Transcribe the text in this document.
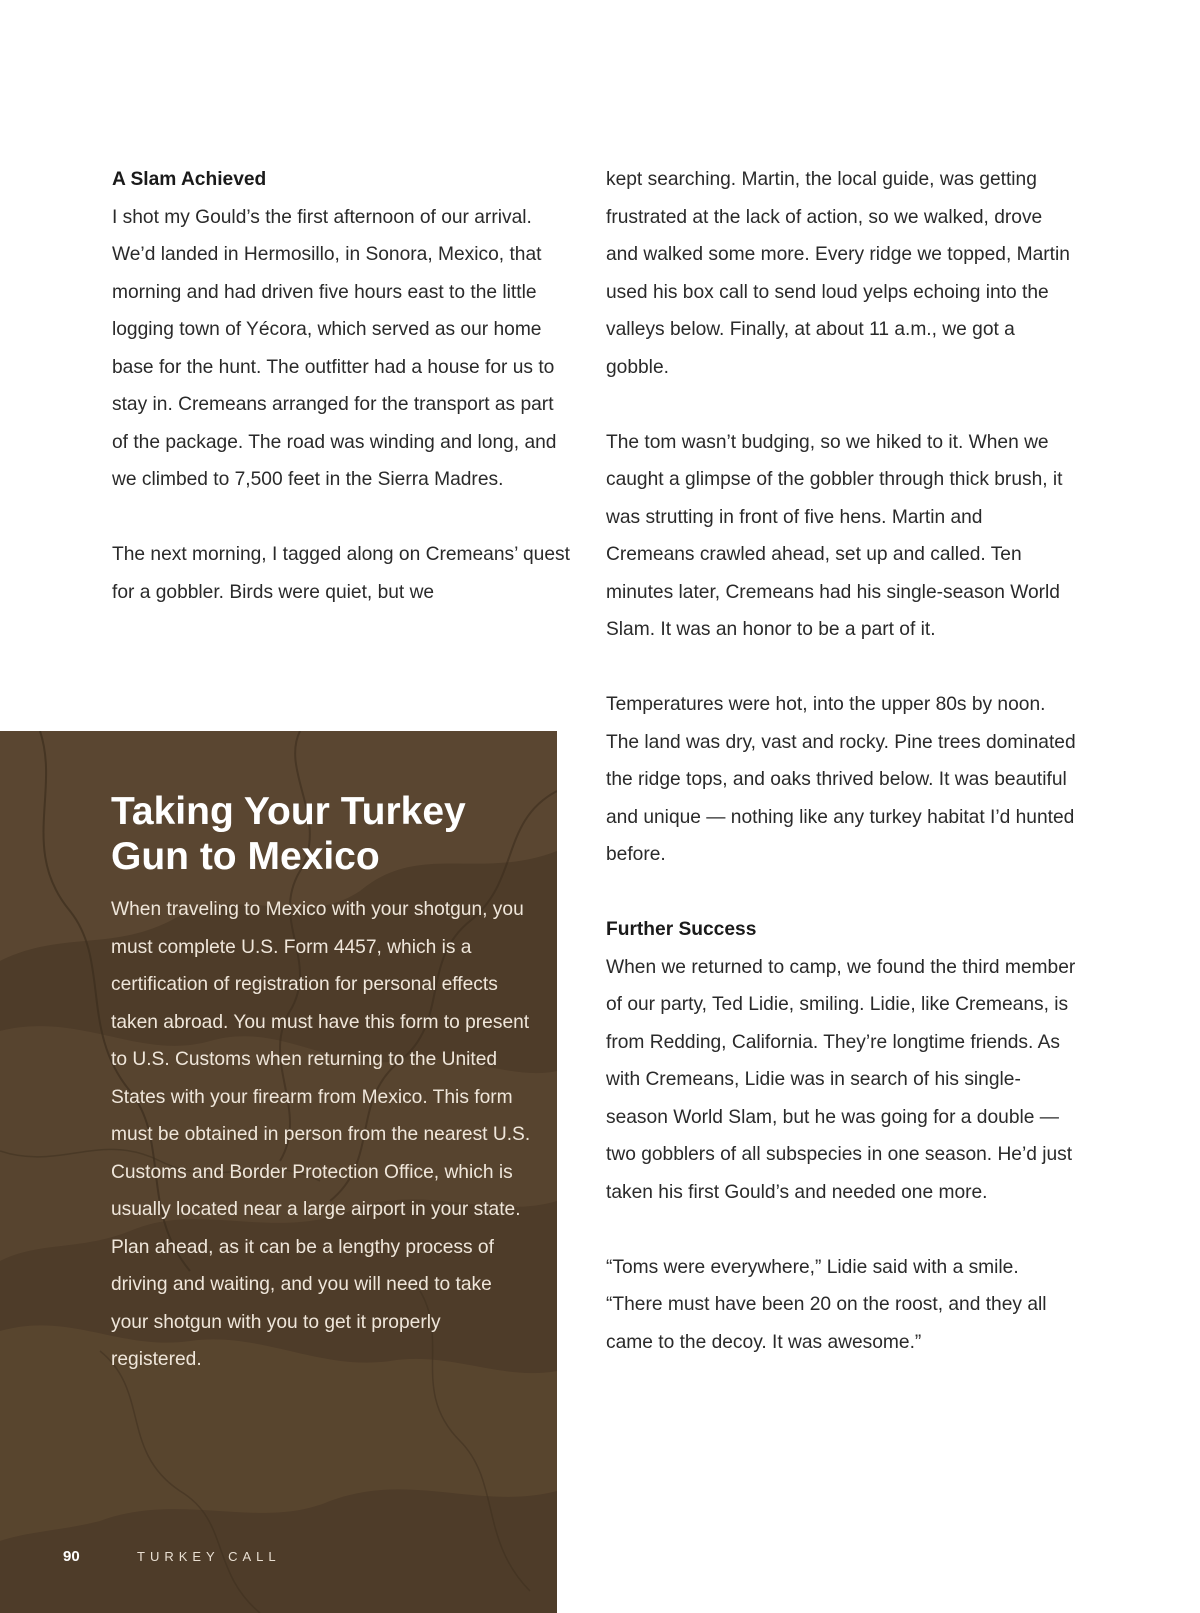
A Slam Achieved

I shot my Gould’s the first afternoon of our arrival. We’d landed in Hermosillo, in Sonora, Mexico, that morning and had driven five hours east to the little logging town of Yécora, which served as our home base for the hunt. The outfitter had a house for us to stay in. Cremeans arranged for the transport as part of the package. The road was winding and long, and we climbed to 7,500 feet in the Sierra Madres.

The next morning, I tagged along on Cremeans’ quest for a gobbler. Birds were quiet, but we

kept searching. Martin, the local guide, was getting frustrated at the lack of action, so we walked, drove and walked some more. Every ridge we topped, Martin used his box call to send loud yelps echoing into the valleys below. Finally, at about 11 a.m., we got a gobble.

The tom wasn’t budging, so we hiked to it. When we caught a glimpse of the gobbler through thick brush, it was strutting in front of five hens. Martin and Cremeans crawled ahead, set up and called. Ten minutes later, Cremeans had his single-season World Slam. It was an honor to be a part of it.

Temperatures were hot, into the upper 80s by noon. The land was dry, vast and rocky. Pine trees dominated the ridge tops, and oaks thrived below. It was beautiful and unique — nothing like any turkey habitat I’d hunted before.

Further Success

When we returned to camp, we found the third member of our party, Ted Lidie, smiling. Lidie, like Cremeans, is from Redding, California. They’re longtime friends. As with Cremeans, Lidie was in search of his single-season World Slam, but he was going for a double — two gobblers of all subspecies in one season. He’d just taken his first Gould’s and needed one more.

“Toms were everywhere,” Lidie said with a smile. “There must have been 20 on the roost, and they all came to the decoy. It was awesome.”

Taking Your Turkey Gun to Mexico

When traveling to Mexico with your shotgun, you must complete U.S. Form 4457, which is a certification of registration for personal effects taken abroad. You must have this form to present to U.S. Customs when returning to the United States with your firearm from Mexico. This form must be obtained in person from the nearest U.S. Customs and Border Protection Office, which is usually located near a large airport in your state. Plan ahead, as it can be a lengthy process of driving and waiting, and you will need to take your shotgun with you to get it properly registered.

90	TURKEY CALL
